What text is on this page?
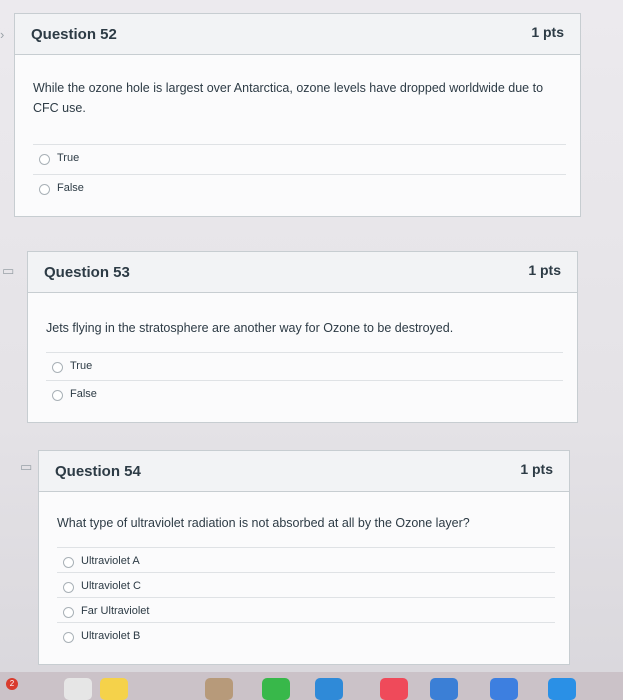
› Question 52	1 pts
While the ozone hole is largest over Antarctica, ozone levels have dropped worldwide due to CFC use.
True
False
▭ Question 53	1 pts
Jets flying in the stratosphere are another way for Ozone to be destroyed.
True
False
▭ Question 54	1 pts
What type of ultraviolet radiation is not absorbed at all by the Ozone layer?
Ultraviolet A
Ultraviolet C
Far Ultraviolet
Ultraviolet B
2
